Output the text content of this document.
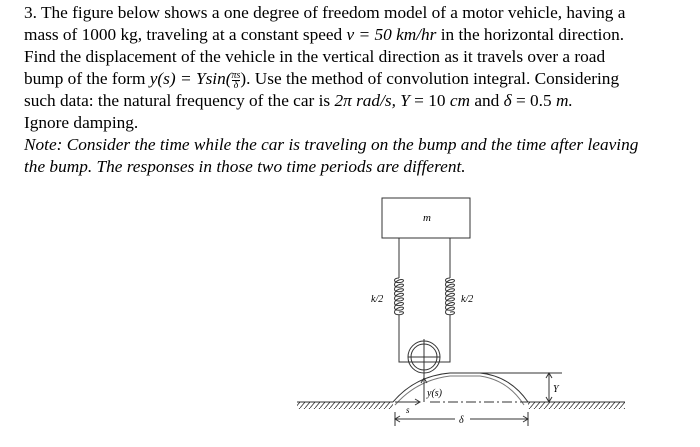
3. The figure below shows a one degree of freedom model of a motor vehicle, having a
mass of 1000 kg, traveling at a constant speed v = 50 km/hr in the horizontal direction.
Find the displacement of the vehicle in the vertical direction as it travels over a road
bump of the form $y(s) = Ysin( \frac{\pi s}{\delta}$ ). Use the method of convolution integral. Considering
such data: the natural frequency of the car is 2π rad/s, Y = 10 cm and δ = 0.5 m.
Ignore damping.
Note: Consider the time while the car is traveling on the bump and the time after leaving
the bump. The responses in those two time periods are different.
m
k/2	k/2
y(s)
s
Y
δ
